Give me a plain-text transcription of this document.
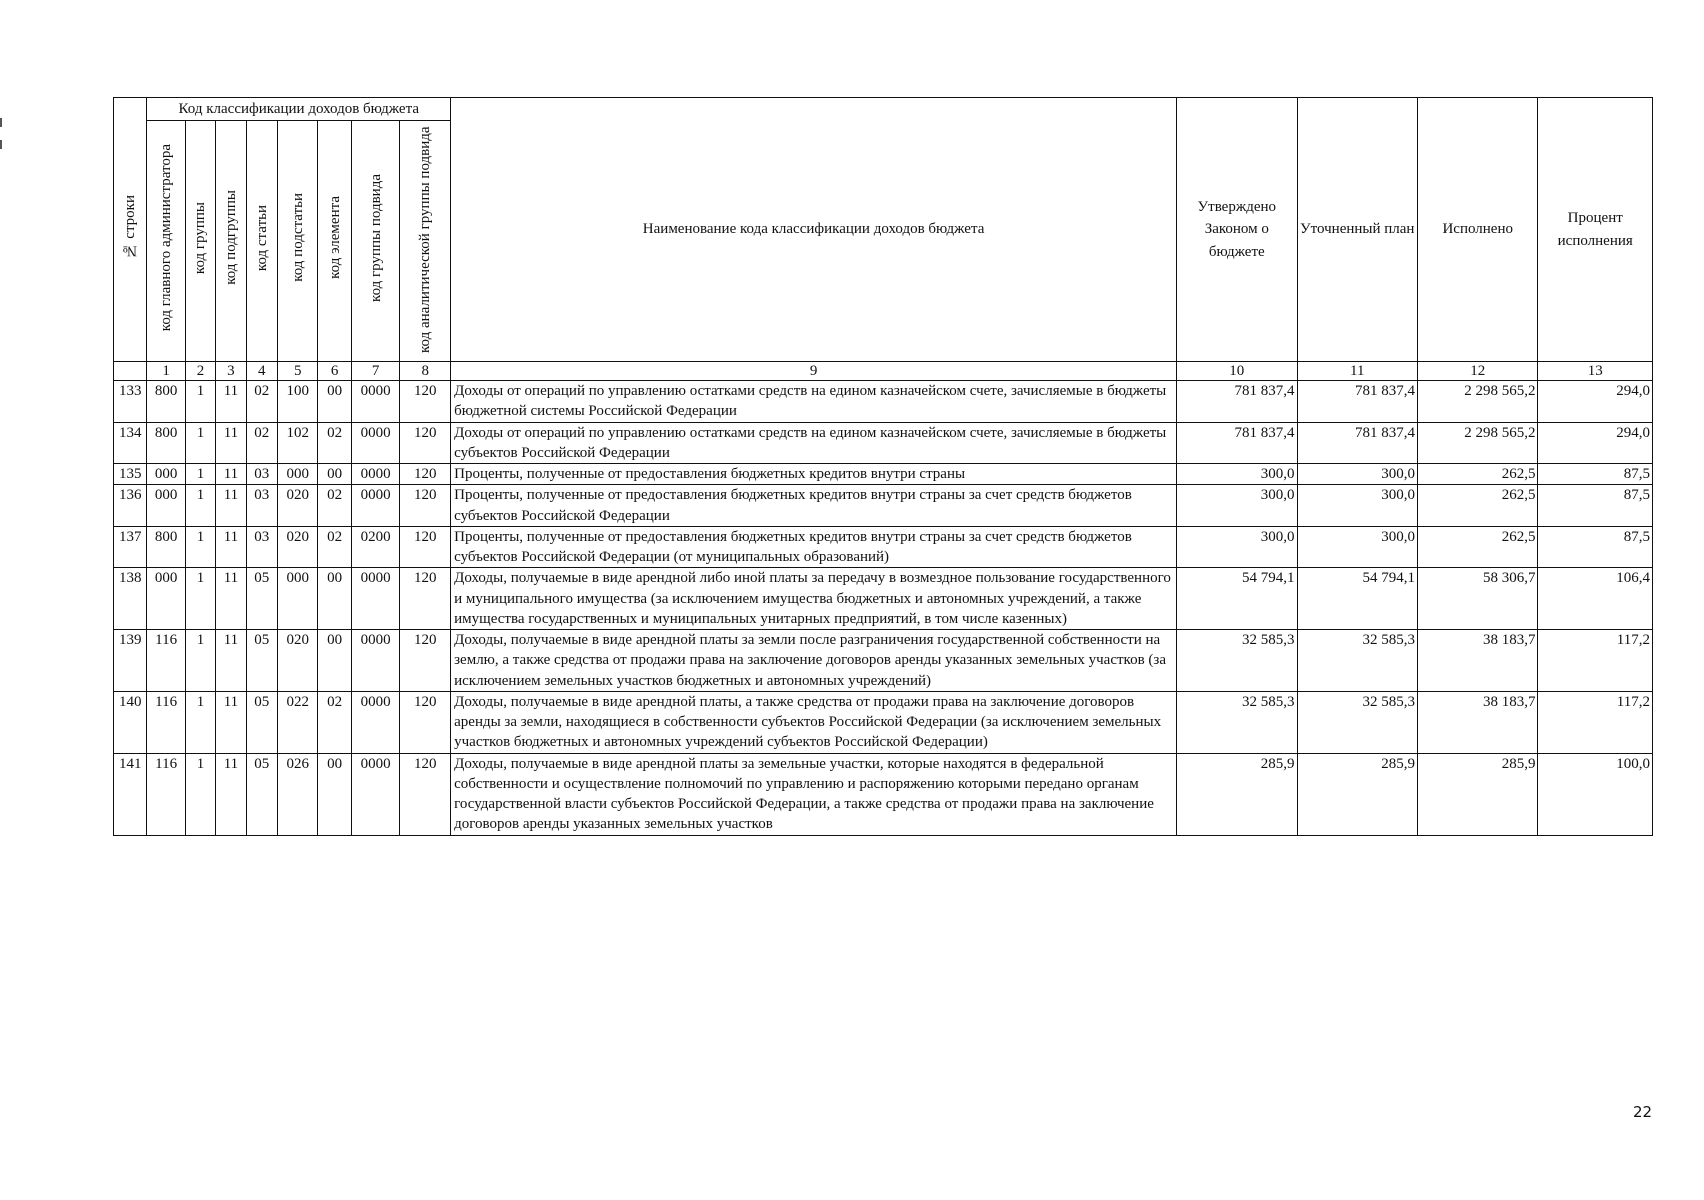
№ строки	Код классификации доходов бюджета								Наименование кода классификации доходов бюджета	Утверждено Законом о бюджете	Уточненный план	Исполнено	Процент исполнения
	код главного администратора	код группы	код подгруппы	код статьи	код подстатьи	код элемента	код группы подвида	код аналитической группы подвида					
	1	2	3	4	5	6	7	8	9	10	11	12	13
133	800	1	11	02	100	00	0000	120	Доходы от операций по управлению остатками средств на едином казначейском счете, зачисляемые в бюджеты бюджетной системы Российской Федерации	781 837,4	781 837,4	2 298 565,2	294,0
134	800	1	11	02	102	02	0000	120	Доходы от операций по управлению остатками средств на едином казначейском счете, зачисляемые в бюджеты субъектов Российской Федерации	781 837,4	781 837,4	2 298 565,2	294,0
135	000	1	11	03	000	00	0000	120	Проценты, полученные от предоставления бюджетных кредитов внутри страны	300,0	300,0	262,5	87,5
136	000	1	11	03	020	02	0000	120	Проценты, полученные от предоставления бюджетных кредитов внутри страны за счет средств бюджетов субъектов Российской Федерации	300,0	300,0	262,5	87,5
137	800	1	11	03	020	02	0200	120	Проценты, полученные от предоставления бюджетных кредитов внутри страны за счет средств бюджетов субъектов Российской Федерации (от муниципальных образований)	300,0	300,0	262,5	87,5
138	000	1	11	05	000	00	0000	120	Доходы, получаемые в виде арендной либо иной платы за передачу в возмездное пользование государственного и муниципального имущества (за исключением имущества бюджетных и автономных учреждений, а также имущества государственных и муниципальных унитарных предприятий, в том числе казенных)	54 794,1	54 794,1	58 306,7	106,4
139	116	1	11	05	020	00	0000	120	Доходы, получаемые в виде арендной платы за земли после разграничения государственной собственности на землю, а также средства от продажи права на заключение договоров аренды указанных земельных участков (за исключением земельных участков бюджетных и автономных учреждений)	32 585,3	32 585,3	38 183,7	117,2
140	116	1	11	05	022	02	0000	120	Доходы, получаемые в виде арендной платы, а также средства от продажи права на заключение договоров аренды за земли, находящиеся в собственности субъектов Российской Федерации (за исключением земельных участков бюджетных и автономных учреждений субъектов Российской Федерации)	32 585,3	32 585,3	38 183,7	117,2
141	116	1	11	05	026	00	0000	120	Доходы, получаемые в виде арендной платы за земельные участки, которые находятся в федеральной собственности и осуществление полномочий по управлению и распоряжению которыми передано органам государственной власти субъектов Российской Федерации, а также средства от продажи права на заключение договоров аренды указанных земельных участков	285,9	285,9	285,9	100,0
22
